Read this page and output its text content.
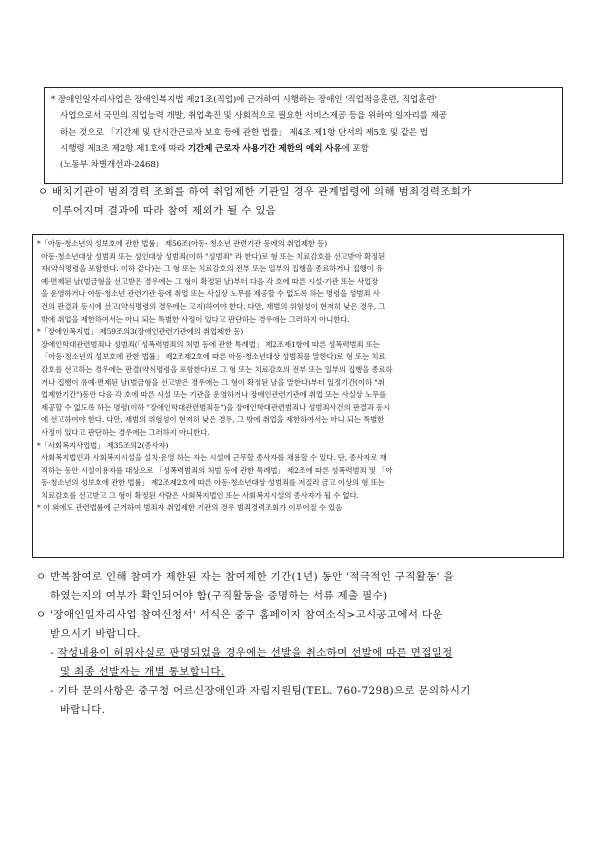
* 장애인일자리사업은 장애인복지법 제21조(직업)에 근거하여 시행하는 장애인 '직업적응훈련, 직업훈련'

사업으로서 국민의 직업능력 개발, 취업촉진 및 사회적으로 필요한 서비스제공 등을 위하여 일자리를 제공

하는 것으로 「기간제 및 단시간근로자 보호 등에 관한 법률」 제4조 제1항 단서의 제5호 및 같은 법

시행령 제3조 제2항 제1호에 따라 기간제 근로자 사용기간 제한의 예외 사유에 포함

(노동부 차별개선과-2468)

ㅇ 배치기관이 범죄경력 조회를 하여 취업제한 기관일 경우 관계법령에 의해 범죄경력조회가
이루어지며 결과에 따라 참여 제외가 될 수 있음

*「아동·청소년의 성보호에 관한 법률」 제56조(아동· 청소년 관련기관 등에의 취업제한 등)

아동·청소년대상 성범죄 또는 성인대상 성범죄(이하 "성범죄" 라 한다)로 형 또는 치료감호를 선고받아 확정된

자(약식명령을 포함한다. 이하 같다)는 그 형 또는 치료감호의 전부 또는 일부의 집행을 종료하거나 집행이 유

예·면제된 날(벌금형을 선고받은 경우에는 그 형이 확정된 날)부터 다음 각 호에 따른 시설·기관 또는 사업장

을 운영하거나 아동·청소년 관련기관 등에 취업 또는 사실상 노무를 제공할 수 없도록 하는 명령을 성범죄 사

건의 판결과 동시에 선고(약식명령의 경우에는 고지)하여야 한다. 다만, 재범의 위험성이 현저히 낮은 경우, 그

밖에 취업을 제한하여서는 아니 되는 특별한 사정이 있다고 판단하는 경우에는 그러하지 아니한다.

*「장애인복지법」 제59조의3(장애인관련기관에의 취업제한 등)

장애인학대관련범죄나 성범죄(「성폭력범죄의 처벌 등에 관한 특례법」 제2조제1항에 따른 성폭력범죄 또는

「아동·청소년의 성보호에 관한 법률」 제2조제2호에 따른 아동·청소년대상 성범죄를 말한다)로 형 또는 치료

감호를 선고하는 경우에는 판결(약식명령을 포함한다)로 그 형 또는 치료감호의 전부 또는 일부의 집행을 종료하

거나 집행이 유예·면제된 날(벌금형을 선고받은 경우에는 그 형이 확정된 날을 말한다)부터 일정기간(이하 "취

업제한기간")동안 다음 각 호에 따른 시설 또는 기관을 운영하거나 장애인관련기관에 취업 또는 사실상 노무를

제공할 수 없도록 하는 명령(이하 "장애인학대관련범죄등")을 장애인학대관련범죄나 성범죄사건의 판결과 동시

에 선고하여야 한다. 다만, 재범의 위험성이 현저히 낮은 경우, 그 밖에 취업을 제한하여서는 아니 되는 특별한

사정이 있다고 판단하는 경우에는 그러하지 아니한다.

*「사회복지사업법」 제35조의2(종사자)

사회복지법인과 사회복지시설을 설치·운영 하는 자는 시설에 근무할 종사자를 채용할 수 있다. 단, 종사자로 재

직하는 동안 시설이용자를 대상으로 「성폭력범죄의 처벌 등에 관한 특례법」 제2조에 따른 성폭력범죄 및 「아

동·청소년의 성보호에 관한 법률」 제2조제2호에 따른 아동·청소년대상 성범죄를 저질러 금고 이상의 형 또는

치료감호를 선고받고 그 형이 확정된 사람은 사회복지법인 또는 사회복지시설의 종사자가 될 수 없다.

* 이 외에도 관련법률에 근거하여 범죄자 취업제한 기관의 경우 범죄경력조회가 이루어질 수 있음

ㅇ 반복참여로 인해 참여가 제한된 자는 참여제한 기간(1년) 동안 '적극적인 구직활동' 을
하였는지의 여부가 확인되어야 함(구직활동을 증명하는 서류 제출 필수)
ㅇ '장애인일자리사업 참여신청서' 서식은 중구 홈페이지 참여소식>고시공고에서 다운
받으시기 바랍니다.
- 작성내용이 허위사실로 판명되었을 경우에는 선발을 취소하며 선발에 따른 면접일정
및 최종 선발자는 개별 통보합니다.
- 기타 문의사항은 중구청 어르신장애인과 자립지원팀(TEL. 760-7298)으로 문의하시기
바랍니다.
